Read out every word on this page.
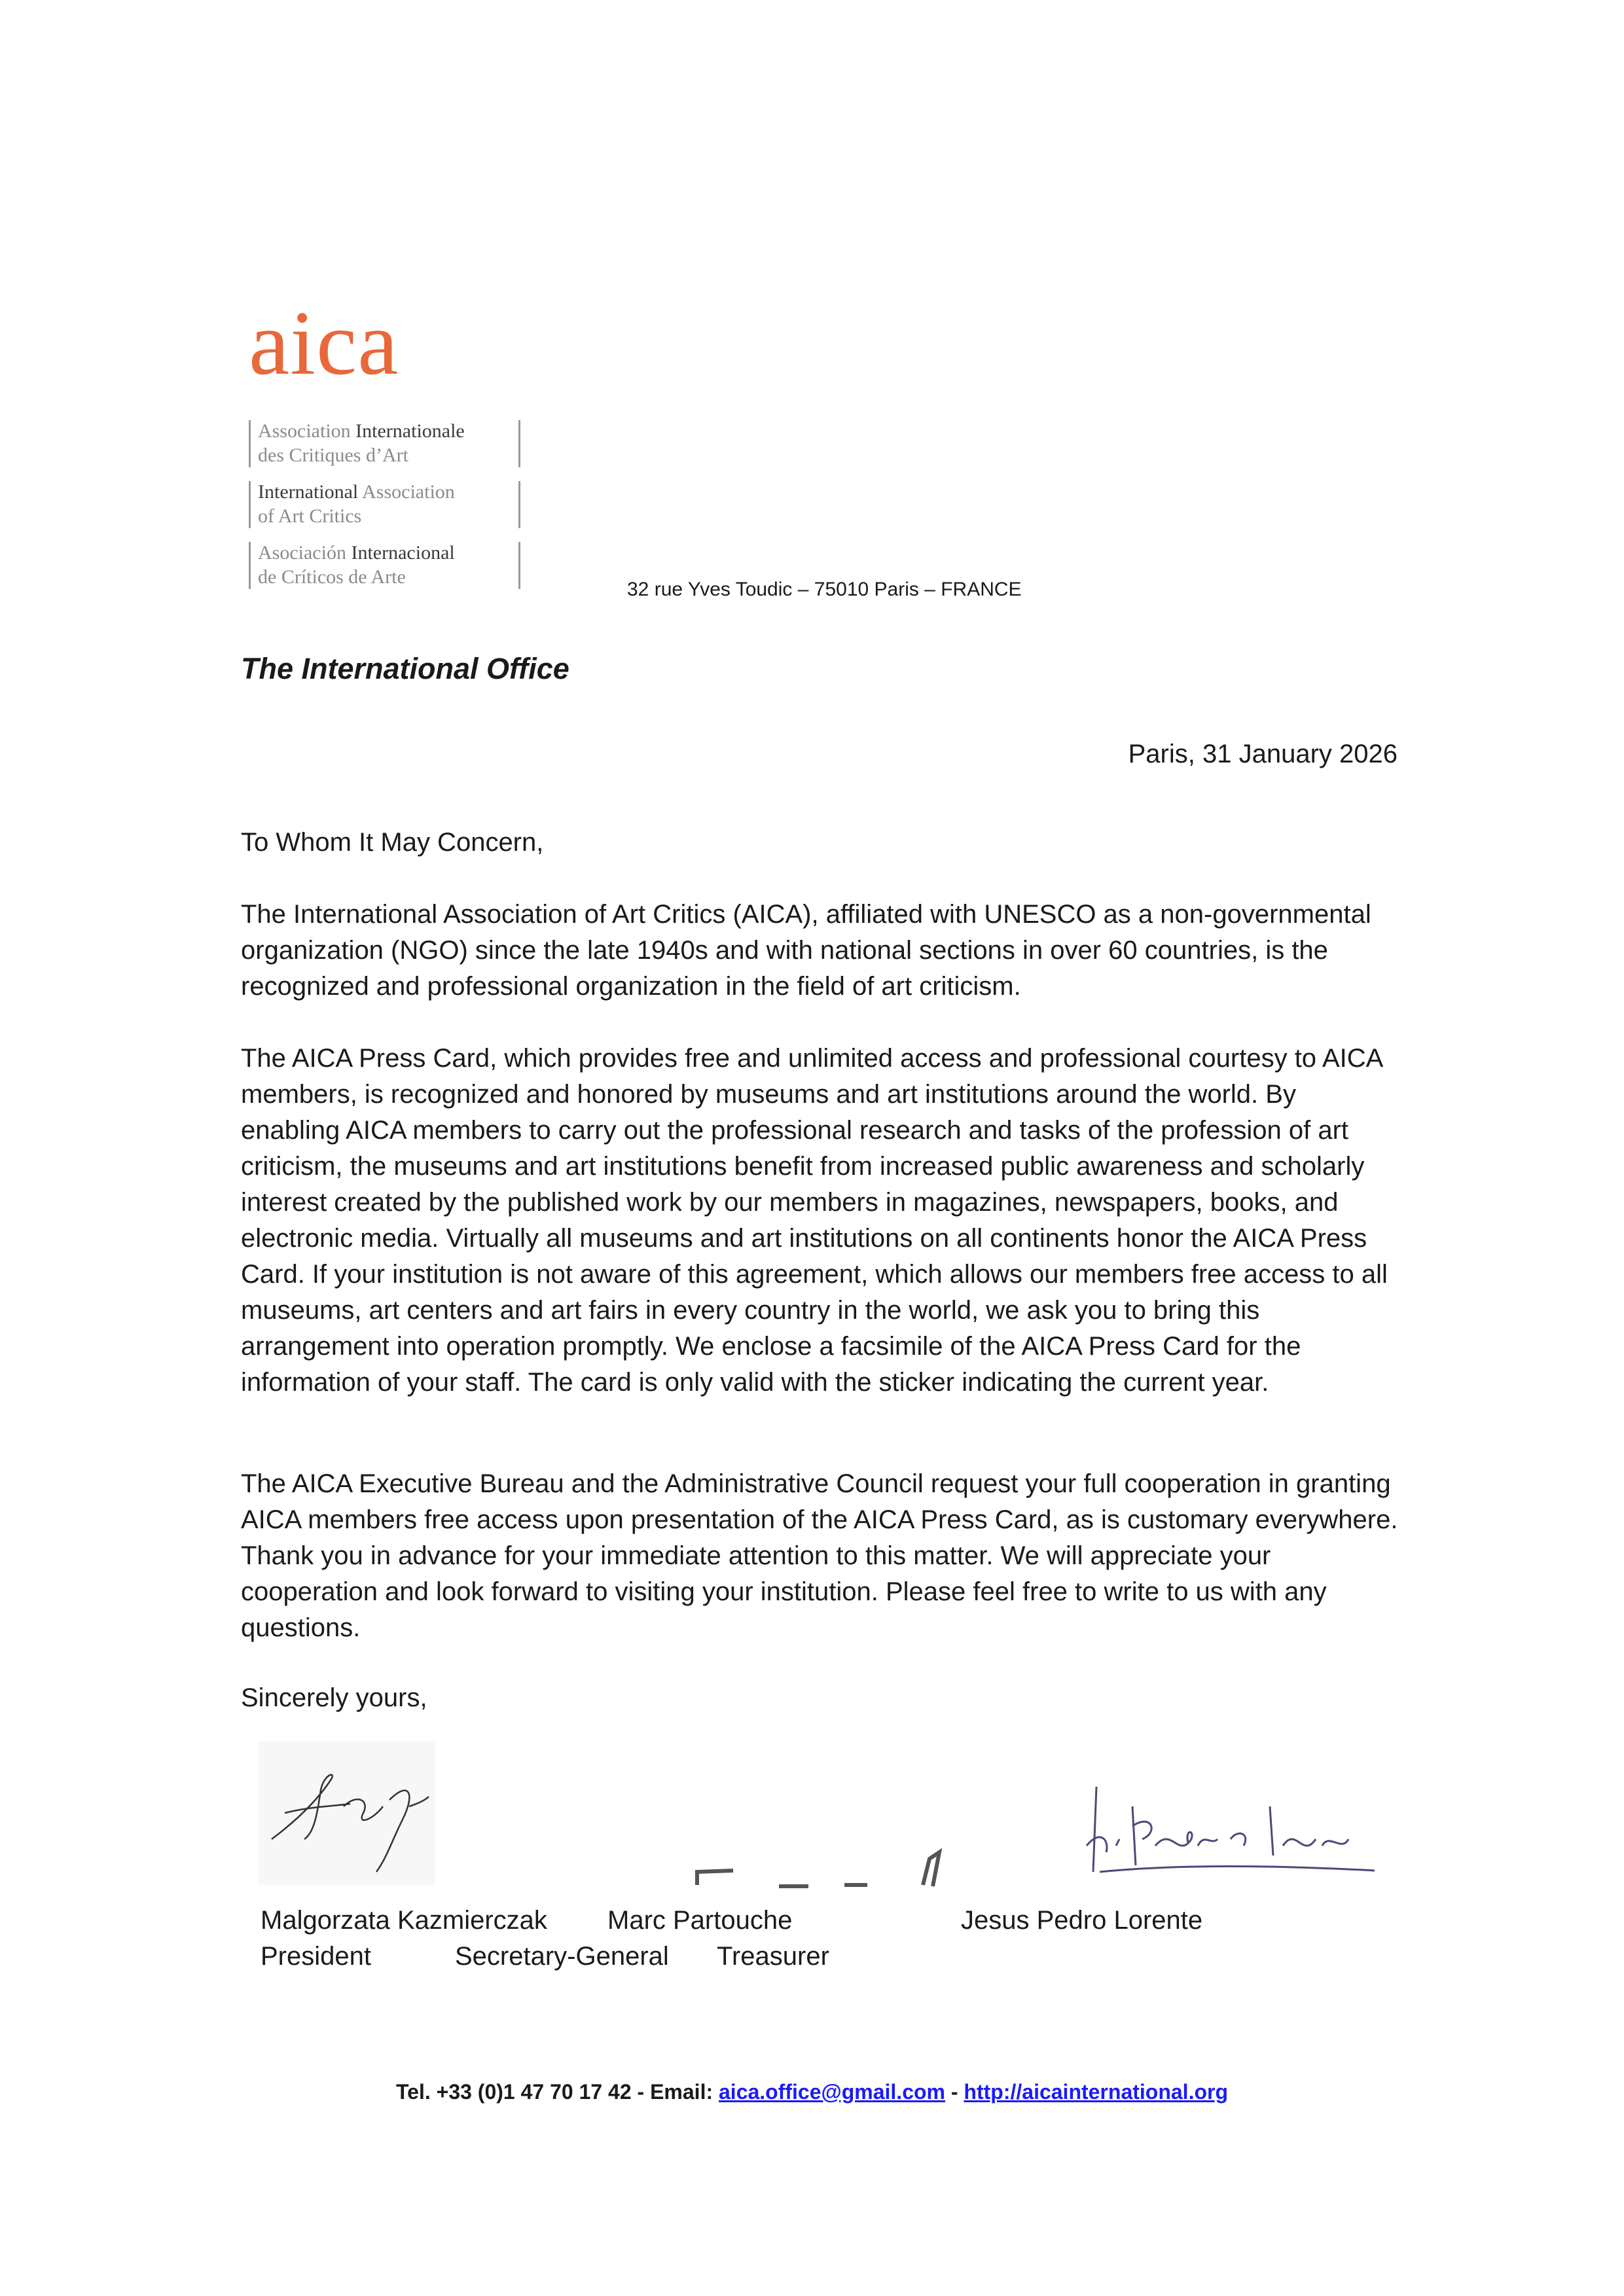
aica
Association Internationale
des Critiques d’Art
International Association
of Art Critics
Asociación Internacional
de Críticos de Arte
32 rue Yves Toudic – 75010 Paris – FRANCE
The International Office
Paris, 31 January 2026
To Whom It May Concern,
The International Association of Art Critics (AICA), affiliated with UNESCO as a non-governmental organization (NGO) since the late 1940s and with national sections in over 60 countries, is the recognized and professional organization in the field of art criticism.
The AICA Press Card, which provides free and unlimited access and professional courtesy to AICA members, is recognized and honored by museums and art institutions around the world. By enabling AICA members to carry out the professional research and tasks of the profession of art criticism, the museums and art institutions benefit from increased public awareness and scholarly interest created by the published work by our members in magazines, newspapers, books, and electronic media. Virtually all museums and art institutions on all continents honor the AICA Press Card. If your institution is not aware of this agreement, which allows our members free access to all museums, art centers and art fairs in every country in the world, we ask you to bring this arrangement into operation promptly. We enclose a facsimile of the AICA Press Card for the information of your staff. The card is only valid with the sticker indicating the current year.
The AICA Executive Bureau and the Administrative Council request your full cooperation in granting AICA members free access upon presentation of the AICA Press Card, as is customary everywhere. Thank you in advance for your immediate attention to this matter. We will appreciate your cooperation and look forward to visiting your institution. Please feel free to write to us with any questions.
Sincerely yours,
Malgorzata Kazmierczak Marc Partouche	Jesus Pedro Lorente
President	Secretary-General Treasurer
Tel. +33 (0)1 47 70 17 42 - Email: aica.office@gmail.com - http://aicainternational.org
